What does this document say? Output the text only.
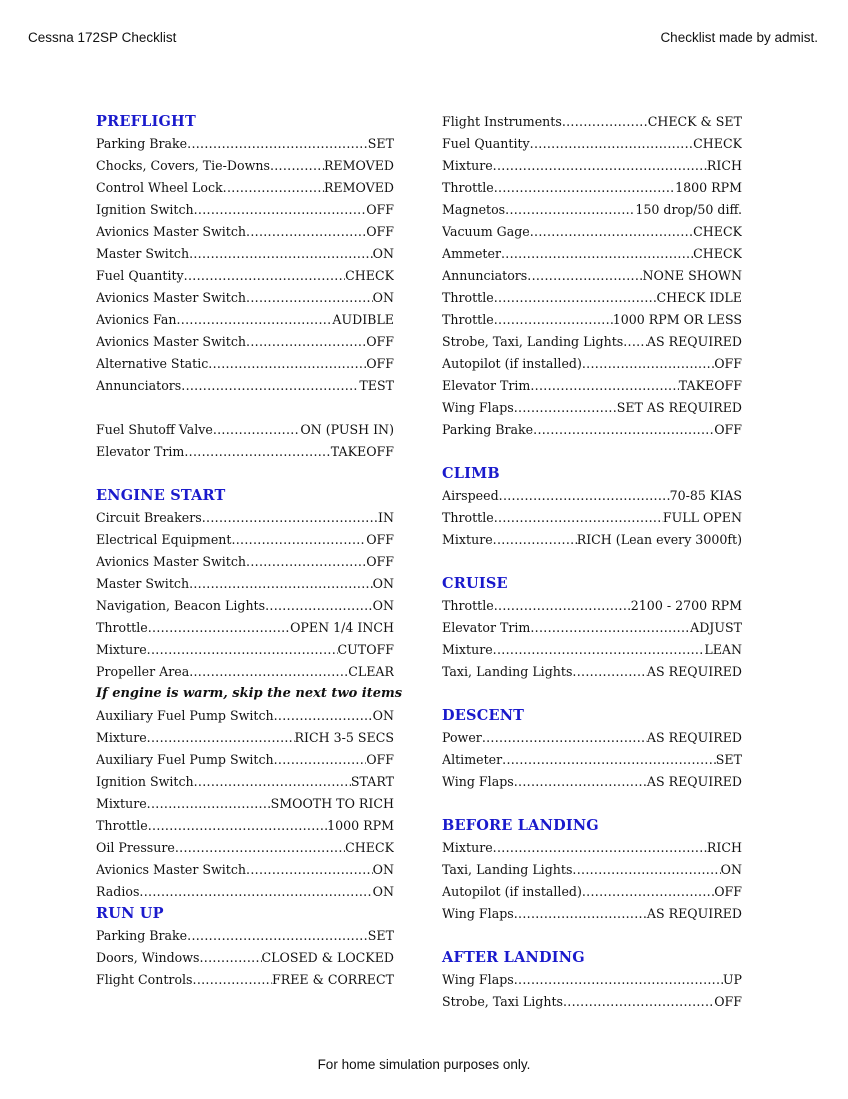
Cessna 172SP Checklist	Checklist made by admist.
PREFLIGHT
Parking Brake .....	SET
Chocks, Covers, Tie-Downs .....	REMOVED
Control Wheel Lock .....	REMOVED
Ignition Switch .....	OFF
Avionics Master Switch .....	OFF
Master Switch .....	ON
Fuel Quantity .....	CHECK
Avionics Master Switch .....	ON
Avionics Fan .....	AUDIBLE
Avionics Master Switch .....	OFF
Alternative Static .....	OFF
Annunciators .....	TEST
Fuel Shutoff Valve .....	ON (PUSH IN)
Elevator Trim .....	TAKEOFF
ENGINE START
Circuit Breakers .....	IN
Electrical Equipment .....	OFF
Avionics Master Switch .....	OFF
Master Switch .....	ON
Navigation, Beacon Lights .....	ON
Throttle .....	OPEN 1/4 INCH
Mixture .....	CUTOFF
Propeller Area .....	CLEAR
If engine is warm, skip the next two items
Auxiliary Fuel Pump Switch .....	ON
Mixture .....	RICH 3-5 SECS
Auxiliary Fuel Pump Switch .....	OFF
Ignition Switch .....	START
Mixture .....	SMOOTH TO RICH
Throttle .....	1000 RPM
Oil Pressure .....	CHECK
Avionics Master Switch .....	ON
Radios .....	ON
RUN UP
Parking Brake .....	SET
Doors, Windows .....	CLOSED & LOCKED
Flight Controls .....	FREE & CORRECT
Flight Instruments .....	CHECK & SET
Fuel Quantity .....	CHECK
Mixture .....	RICH
Throttle .....	1800 RPM
Magnetos .....	150 drop/50 diff.
Vacuum Gage .....	CHECK
Ammeter .....	CHECK
Annunciators .....	NONE SHOWN
Throttle .....	CHECK IDLE
Throttle .....	1000 RPM OR LESS
Strobe, Taxi, Landing Lights ..... AS REQUIRED
Autopilot (if installed) .....	OFF
Elevator Trim .....	TAKEOFF
Wing Flaps .....	SET AS REQUIRED
Parking Brake .....	OFF
CLIMB
Airspeed .....	70-85 KIAS
Throttle .....	FULL OPEN
Mixture .....	RICH (Lean every 3000ft)
CRUISE
Throttle .....	2100 - 2700 RPM
Elevator Trim .....	ADJUST
Mixture .....	LEAN
Taxi, Landing Lights .....	AS REQUIRED
DESCENT
Power .....	AS REQUIRED
Altimeter .....	SET
Wing Flaps .....	AS REQUIRED
BEFORE LANDING
Mixture .....	RICH
Taxi, Landing Lights .....	ON
Autopilot (if installed) .....	OFF
Wing Flaps .....	AS REQUIRED
AFTER LANDING
Wing Flaps .....	UP
Strobe, Taxi Lights .....	OFF
For home simulation purposes only.
